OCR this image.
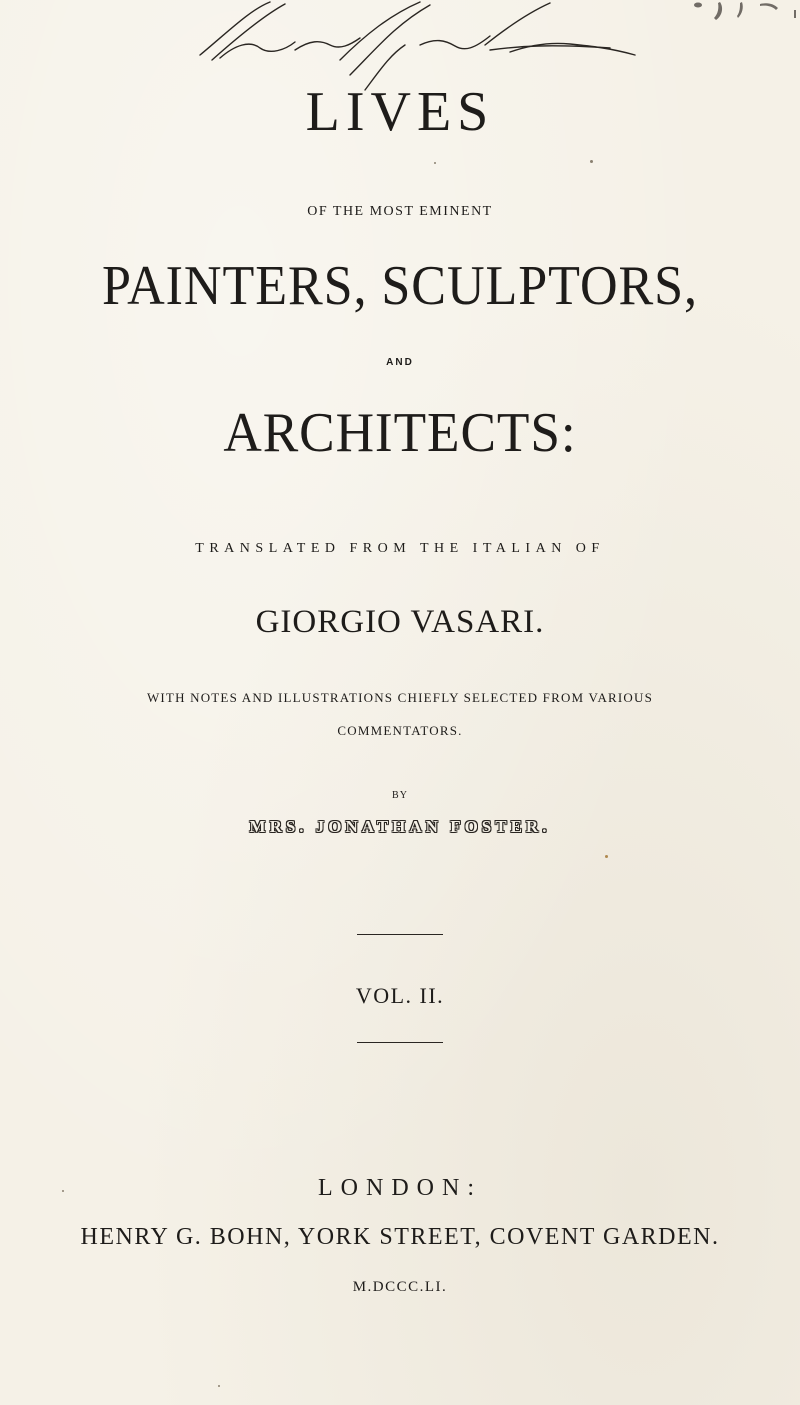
LIVES
OF THE MOST EMINENT
PAINTERS, SCULPTORS,
AND
ARCHITECTS:
TRANSLATED FROM THE ITALIAN OF
GIORGIO VASARI.
WITH NOTES AND ILLUSTRATIONS CHIEFLY SELECTED FROM VARIOUS
COMMENTATORS.
BY
MRS. JONATHAN FOSTER.
VOL. II.
LONDON:
HENRY G. BOHN, YORK STREET, COVENT GARDEN.
M.DCCC.LI.
